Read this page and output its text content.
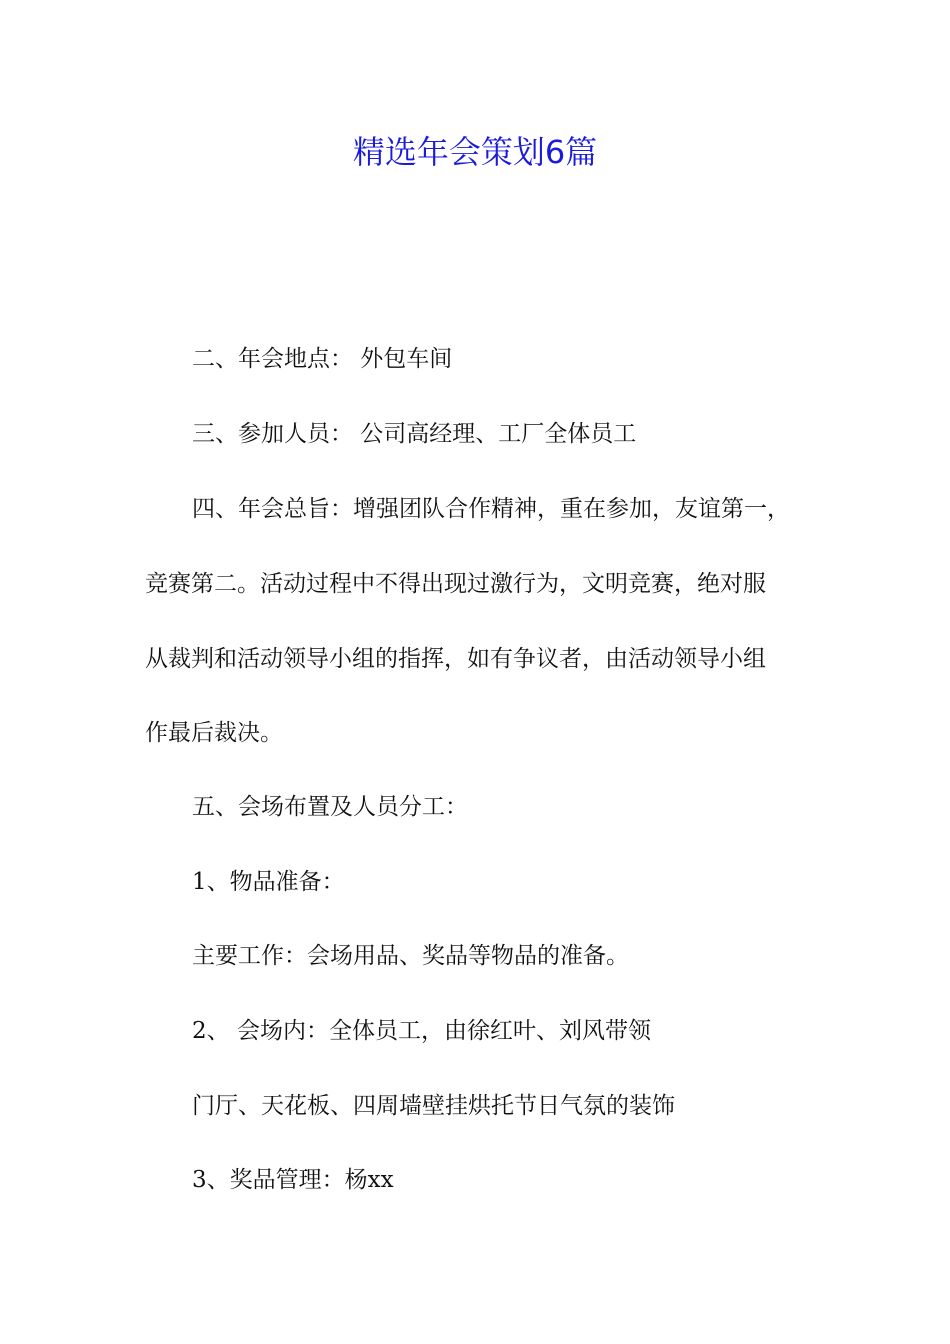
精选年会策划6篇

二、年会地点： 外包车间

三、参加人员： 公司高经理、工厂全体员工

四、年会总旨：增强团队合作精神，重在参加，友谊第一，

竞赛第二。活动过程中不得出现过激行为，文明竞赛，绝对服

从裁判和活动领导小组的指挥，如有争议者，由活动领导小组

作最后裁决。

五、会场布置及人员分工：

1、物品准备：

主要工作：会场用品、奖品等物品的准备。

2、 会场内：全体员工，由徐红叶、刘风带领

门厅、天花板、四周墙壁挂烘托节日气氛的装饰

3、奖品管理：杨xx
